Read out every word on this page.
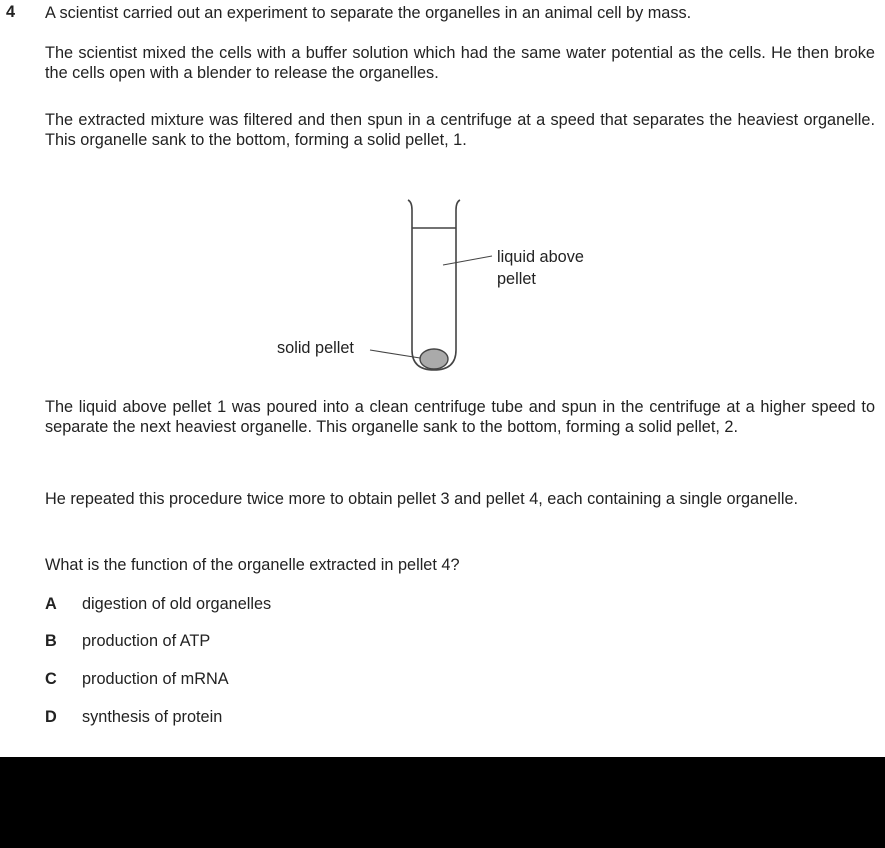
4 A scientist carried out an experiment to separate the organelles in an animal cell by mass.

The scientist mixed the cells with a buffer solution which had the same water potential as the cells. He then broke the cells open with a blender to release the organelles.

The extracted mixture was filtered and then spun in a centrifuge at a speed that separates the heaviest organelle. This organelle sank to the bottom, forming a solid pellet, 1.

liquid above
pellet
solid pellet

The liquid above pellet 1 was poured into a clean centrifuge tube and spun in the centrifuge at a higher speed to separate the next heaviest organelle. This organelle sank to the bottom, forming a solid pellet, 2.

He repeated this procedure twice more to obtain pellet 3 and pellet 4, each containing a single organelle.

What is the function of the organelle extracted in pellet 4?

A digestion of old organelles
B production of ATP
C production of mRNA
D synthesis of protein
